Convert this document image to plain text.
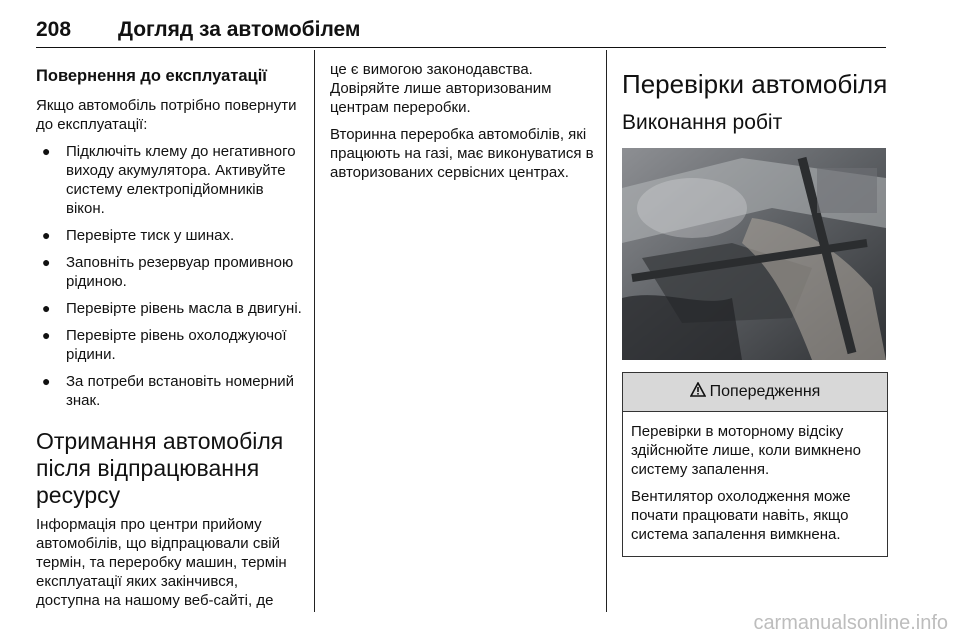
208 Догляд за автомобілем
Повернення до експлуатації

Якщо автомобіль потрібно повернути до експлуатації:

● Підключіть клему до негативного виходу акумулятора. Активуйте систему електропідйомників вікон.
● Перевірте тиск у шинах.
● Заповніть резервуар промивною рідиною.
● Перевірте рівень масла в двигуні.
● Перевірте рівень охолоджуючої рідини.
● За потреби встановіть номерний знак.
Отримання автомобіля після відпрацювання ресурсу

Інформація про центри прийому автомобілів, що відпрацювали свій термін, та переробку машин, термін експлуатації яких закінчився, доступна на нашому веб-сайті, де

це є вимогою законодавства. Довіряйте лише авторизованим центрам переробки.

Вторинна переробка автомобілів, які працюють на газі, має виконуватися в авторизованих сервісних центрах.

Перевірки автомобіля
Виконання робіт
Попередження

Перевірки в моторному відсіку здійснюйте лише, коли вимкнено систему запалення.

Вентилятор охолодження може почати працювати навіть, якщо система запалення вимкнена.

carmanualsonline.info
